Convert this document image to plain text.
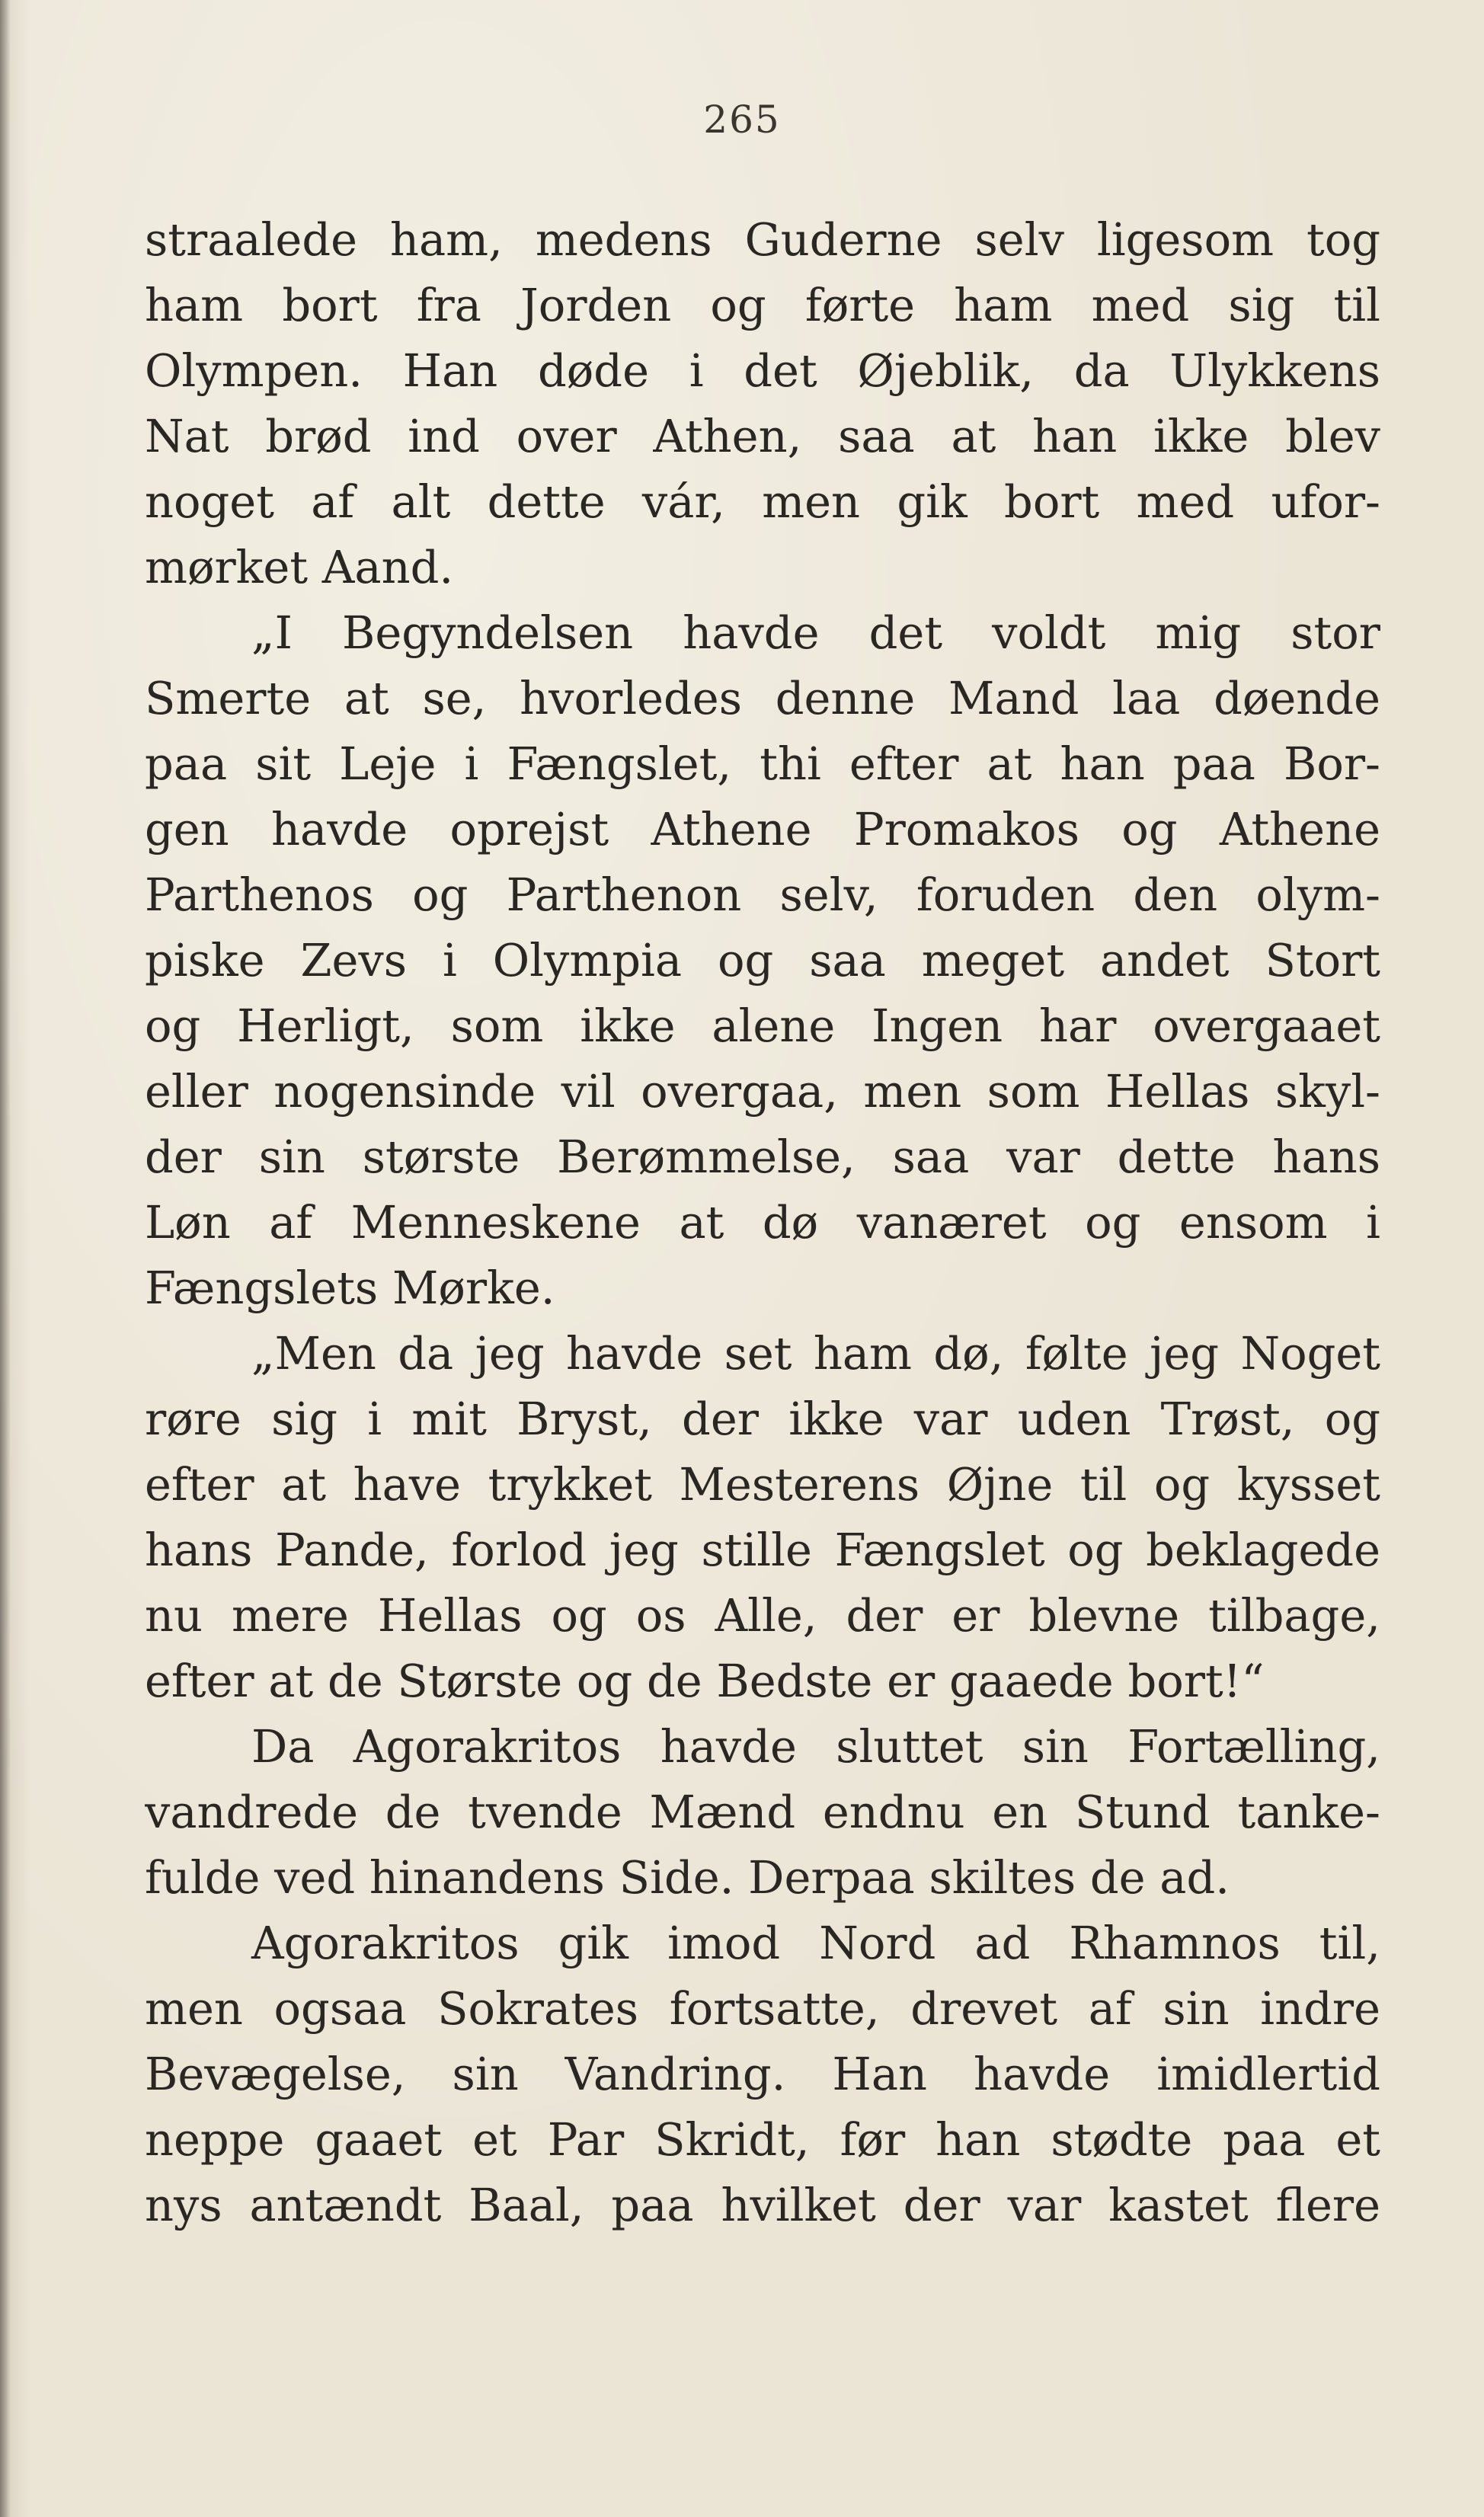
265
straalede ham, medens Guderne selv ligesom tog
ham bort fra Jorden og førte ham med sig til
Olympen. Han døde i det Øjeblik, da Ulykkens
Nat brød ind over Athen, saa at han ikke blev
noget af alt dette vár, men gik bort med ufor-
mørket Aand.
„I Begyndelsen havde det voldt mig stor
Smerte at se, hvorledes denne Mand laa døende
paa sit Leje i Fængslet, thi efter at han paa Bor-
gen havde oprejst Athene Promakos og Athene
Parthenos og Parthenon selv, foruden den olym-
piske Zevs i Olympia og saa meget andet Stort
og Herligt, som ikke alene Ingen har overgaaet
eller nogensinde vil overgaa, men som Hellas skyl-
der sin største Berømmelse, saa var dette hans
Løn af Menneskene at dø vanæret og ensom i
Fængslets Mørke.
„Men da jeg havde set ham dø, følte jeg Noget
røre sig i mit Bryst, der ikke var uden Trøst, og
efter at have trykket Mesterens Øjne til og kysset
hans Pande, forlod jeg stille Fængslet og beklagede
nu mere Hellas og os Alle, der er blevne tilbage,
efter at de Største og de Bedste er gaaede bort!“
Da Agorakritos havde sluttet sin Fortælling,
vandrede de tvende Mænd endnu en Stund tanke-
fulde ved hinandens Side. Derpaa skiltes de ad.
Agorakritos gik imod Nord ad Rhamnos til,
men ogsaa Sokrates fortsatte, drevet af sin indre
Bevægelse, sin Vandring. Han havde imidlertid
neppe gaaet et Par Skridt, før han stødte paa et
nys antændt Baal, paa hvilket der var kastet flere
